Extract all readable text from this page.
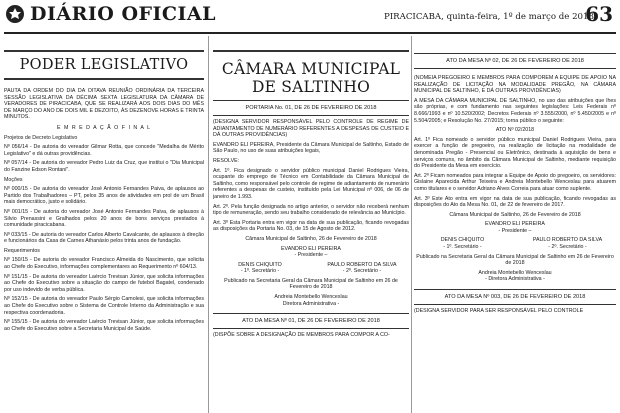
DIÁRIO OFICIAL	PIRACICABA, quinta-feira, 1º de março de 2018
63
PODER LEGISLATIVO

PAUTA DA ORDEM DO DIA DA OITAVA REUNIÃO ORDINÁRIA DA TERCEIRA SESSÃO LEGISLATIVA DA DÉCIMA SEXTA LEGISLATURA DA CÂMARA DE VERADORES DE PIRACICABA, QUE SE REALIZARÁ AOS DOIS DIAS DO MÊS DE MARÇO DO ANO DE DOIS MIL E DEZOITO, ÀS DEZENOVE HORAS E TRINTA MINUTOS.

E M R E D A Ç Ã O F I N A L

Projetos de Decreto Legislativo

Nº 056/14 - De autoria do vereador Gilmar Rotta, que concede "Medalha de Mérito Legislativo" e dá outras providências.

Nº 057/14 - De autoria do vereador Pedro Luiz da Cruz, que institui o "Dia Municipal do Fanzine Edson Rontani".

Moções

Nº 000/15 - De autoria do vereador José Antonio Fernandes Paiva, de aplausos ao Partido dos Trabalhadores – PT, pelos 35 anos de atividades em prol de um Brasil mais democrático, justo e solidário.

Nº 001/15 - De autoria do vereador José Antonio Fernandes Paiva, de aplausos à Silvio Prenassini e Gralhados pelos 20 anos de bons serviços prestados à comunidade piracicabana.

Nº 033/15 - De autoria do vereador Carlos Alberto Cavalcante, de aplausos à direção e funcionários da Casa de Carnes Athanásio pelos trinta anos de fundação.

Requerimentos

Nº 150/15 - De autoria do vereador Francisco Almeida do Nascimento, que solicita ao Chefe do Executivo, informações complementares ao Requerimento nº 604/13.

Nº 151/15 - De autoria do vereador Laércio Trevisan Júnior, que solicita informações ao Chefe do Executivo sobre a situação do campo de futebol Bagatel, condenado por uso indevido de verba pública.

Nº 152/15 - De autoria do vereador Paulo Sérgio Camolesi, que solicita informações ao Chefe do Executivo sobre o Sistema de Controle Interno da Administração e sua respectiva coordenadoria.

Nº 155/15 - De autoria do vereador Laércio Trevisan Júnior, que solicita informações ao Chefe do Executivo sobre a Secretaria Municipal de Saúde.

CÂMARA MUNICIPAL
DE SALTINHO

PORTARIA No. 01, DE 26 DE FEVEREIRO DE 2018

(DESIGNA SERVIDOR RESPONSÁVEL PELO CONTROLE DE REGIME DE ADIANTAMENTO DE NUMERÁRIO REFERENTES A DESPESAS DE CUSTEIO E DÁ OUTRAS PROVIDÊNCIAS)

EVANDRO ELI PEREIRA, Presidente da Câmara Municipal de Saltinho, Estado de São Paulo, no uso de suas atribuições legais,

RESOLVE:

Art. 1º. Fica designado o servidor público municipal Daniel Rodrigues Vieira, ocupante do emprego de Técnico em Contabilidade da Câmara Municipal de Saltinho, como responsável pelo controle de regime de adiantamento de numerário referentes a despesas de custeio, instituído pela Lei Municipal nº 006, de 06 de janeiro de 1.993.

Art. 2º. Pela função designada no artigo anterior, o servidor não receberá nenhum tipo de remuneração, sendo seu trabalho considerado de relevância ao Município.

Art. 3º Esta Portaria entra em vigor na data de sua publicação, ficando revogadas as disposições da Portaria No. 03, de 15 de Agosto de 2012.

Câmara Municipal de Saltinho, 26 de Fevereiro de 2018

EVANDRO ELI PEREIRA

- Presidente –

DENIS CHIQUITO
- 1º. Secretário -
PAULO ROBERTO DA SILVA
- 2º. Secretário -

Publicado na Secretaria Geral da Câmara Municipal de Saltinho em 26 de Fevereiro de 2018

Andreia Montebello Wenceslau

Diretora Administrativa -

ATO DA MESA Nº 01, DE 26 DE FEVEREIRO DE 2018

(DISPÕE SOBRE A DESIGNAÇÃO DE MEMBROS PARA COMPOR A CO-

ATO DA MESA Nº 02, DE 26 DE FEVEREIRO DE 2018

(NOMEIA PREGOEIRO E MEMBROS PARA COMPOREM A EQUIPE DE APOIO NA REALIZAÇÃO DE LICITAÇÃO NA MODALIDADE PREGÃO, NA CÂMARA MUNICIPAL DE SALTINHO, E DÁ OUTRAS PROVIDÊNCIAS)

A MESA DA CÂMARA MUNICIPAL DE SALTINHO, no uso das atribuições que lhes são próprias, e com fundamento nas seguintes legislações: Leis Federais nº 8.666/1993 e nº 10.520/2002; Decretos Federais nº 3.555/2000, nº 5.450/2005 e nº 5.504/2005; e Resolução No. 27/2015; torna público o seguinte:

ATO Nº 02/2018

Art. 1º Fica nomeado o servidor público municipal Daniel Rodrigues Vieira, para exercer a função de pregoeiro, na realização de licitação na modalidade de denominada Pregão - Presencial ou Eletrônico, destinada à aquisição de bens e serviços comuns, no âmbito da Câmara Municipal de Saltinho, mediante requisição do Presidente da Mesa em exercício.

Art. 2º Ficam nomeados para integrar a Equipe de Apoio do pregoeiro, os servidores: Gislaine Aparecida Arthur Teixeira e Andreia Montebello Wenceslau para atuarem como titulares e o servidor Adriano Alves Correia para atuar como suplente.

Art. 3º Este Ato entra em vigor na data de sua publicação, ficando revogadas as disposições do Ato da Mesa No. 01, de 22 de fevereiro de 2017.

Câmara Municipal de Saltinho, 26 de Fevereiro de 2018

EVANDRO ELI PEREIRA

- Presidente –

DENIS CHIQUITO
- 1º. Secretário -
PAULO ROBERTO DA SILVA
- 2º. Secretário -

Publicado na Secretaria Geral da Câmara Municipal de Saltinho em 26 de Fevereiro de 2018

Andreia Montebello Wenceslau

- Diretora Administrativa -

ATO DA MESA Nº 003, DE 26 DE FEVEREIRO DE 2018

(DESIGNA SERVIDOR PARA SER RESPONSÁVEL PELO CONTROLE
